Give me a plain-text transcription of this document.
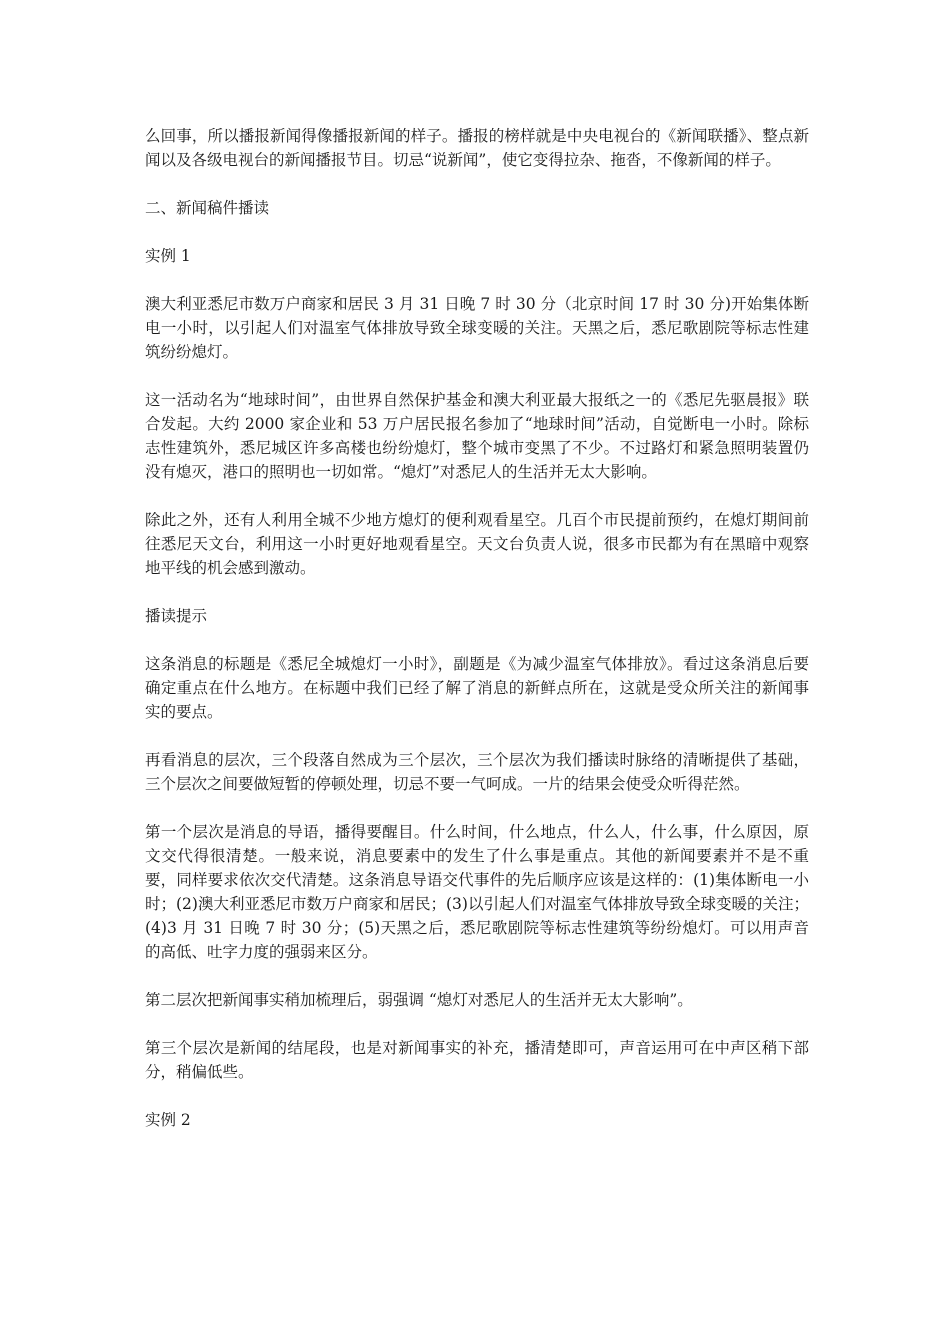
么回事，所以播报新闻得像播报新闻的样子。播报的榜样就是中央电视台的《新闻联播》、整点新闻以及各级电视台的新闻播报节目。切忌“说新闻”，使它变得拉杂、拖沓，不像新闻的样子。

二、新闻稿件播读

实例 1

澳大利亚悉尼市数万户商家和居民 3 月 31 日晚 7 时 30 分（北京时间 17 时 30 分)开始集体断电一小时，以引起人们对温室气体排放导致全球变暖的关注。天黑之后，悉尼歌剧院等标志性建筑纷纷熄灯。

这一活动名为“地球时间”，由世界自然保护基金和澳大利亚最大报纸之一的《悉尼先驱晨报》联合发起。大约 2000 家企业和 53 万户居民报名参加了“地球时间”活动，自觉断电一小时。除标志性建筑外，悉尼城区许多高楼也纷纷熄灯，整个城市变黑了不少。不过路灯和紧急照明装置仍没有熄灭，港口的照明也一切如常。“熄灯”对悉尼人的生活并无太大影响。

除此之外，还有人利用全城不少地方熄灯的便利观看星空。几百个市民提前预约，在熄灯期间前往悉尼天文台，利用这一小时更好地观看星空。天文台负责人说，很多市民都为有在黑暗中观察地平线的机会感到激动。

播读提示

这条消息的标题是《悉尼全城熄灯一小时》，副题是《为减少温室气体排放》。看过这条消息后要确定重点在什么地方。在标题中我们已经了解了消息的新鲜点所在，这就是受众所关注的新闻事实的要点。

再看消息的层次，三个段落自然成为三个层次，三个层次为我们播读时脉络的清晰提供了基础，三个层次之间要做短暂的停顿处理，切忌不要一气呵成。一片的结果会使受众听得茫然。

第一个层次是消息的导语，播得要醒目。什么时间，什么地点，什么人，什么事，什么原因，原文交代得很清楚。一般来说，消息要素中的发生了什么事是重点。其他的新闻要素并不是不重要，同样要求依次交代清楚。这条消息导语交代事件的先后顺序应该是这样的：(1)集体断电一小时；(2)澳大利亚悉尼市数万户商家和居民；(3)以引起人们对温室气体排放导致全球变暖的关注；(4)3 月 31 日晚 7 时 30 分；(5)天黑之后，悉尼歌剧院等标志性建筑等纷纷熄灯。可以用声音的高低、吐字力度的强弱来区分。

第二层次把新闻事实稍加梳理后，弱强调 “熄灯对悉尼人的生活并无太大影响”。

第三个层次是新闻的结尾段，也是对新闻事实的补充，播清楚即可，声音运用可在中声区稍下部分，稍偏低些。

实例 2
